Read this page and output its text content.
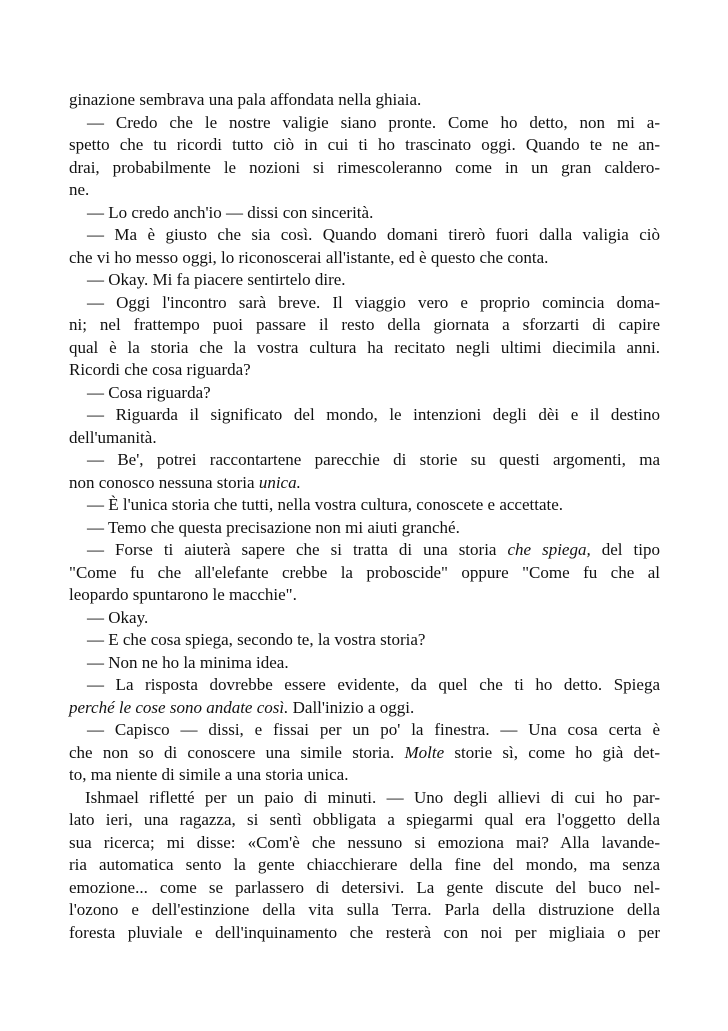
ginazione sembrava una pala affondata nella ghiaia.
— Credo che le nostre valigie siano pronte. Come ho detto, non mi a-
spetto che tu ricordi tutto ciò in cui ti ho trascinato oggi. Quando te ne an-
drai, probabilmente le nozioni si rimescoleranno come in un gran caldero-
ne.
— Lo credo anch'io — dissi con sincerità.
— Ma è giusto che sia così. Quando domani tirerò fuori dalla valigia ciò
che vi ho messo oggi, lo riconoscerai all'istante, ed è questo che conta.
— Okay. Mi fa piacere sentirtelo dire.
— Oggi l'incontro sarà breve. Il viaggio vero e proprio comincia doma-
ni; nel frattempo puoi passare il resto della giornata a sforzarti di capire
qual è la storia che la vostra cultura ha recitato negli ultimi diecimila anni.
Ricordi che cosa riguarda?
— Cosa riguarda?
— Riguarda il significato del mondo, le intenzioni degli dèi e il destino
dell'umanità.
— Be', potrei raccontartene parecchie di storie su questi argomenti, ma
non conosco nessuna storia unica.
— È l'unica storia che tutti, nella vostra cultura, conoscete e accettate.
— Temo che questa precisazione non mi aiuti granché.
— Forse ti aiuterà sapere che si tratta di una storia che spiega, del tipo
"Come fu che all'elefante crebbe la proboscide" oppure "Come fu che al
leopardo spuntarono le macchie".
— Okay.
— E che cosa spiega, secondo te, la vostra storia?
— Non ne ho la minima idea.
— La risposta dovrebbe essere evidente, da quel che ti ho detto. Spiega
perché le cose sono andate così. Dall'inizio a oggi.
— Capisco — dissi, e fissai per un po' la finestra. — Una cosa certa è
che non so di conoscere una simile storia. Molte storie sì, come ho già det-
to, ma niente di simile a una storia unica.
Ishmael rifletté per un paio di minuti. — Uno degli allievi di cui ho par-
lato ieri, una ragazza, si sentì obbligata a spiegarmi qual era l'oggetto della
sua ricerca; mi disse: «Com'è che nessuno si emoziona mai? Alla lavande-
ria automatica sento la gente chiacchierare della fine del mondo, ma senza
emozione... come se parlassero di detersivi. La gente discute del buco nel-
l'ozono e dell'estinzione della vita sulla Terra. Parla della distruzione della
foresta pluviale e dell'inquinamento che resterà con noi per migliaia o per
